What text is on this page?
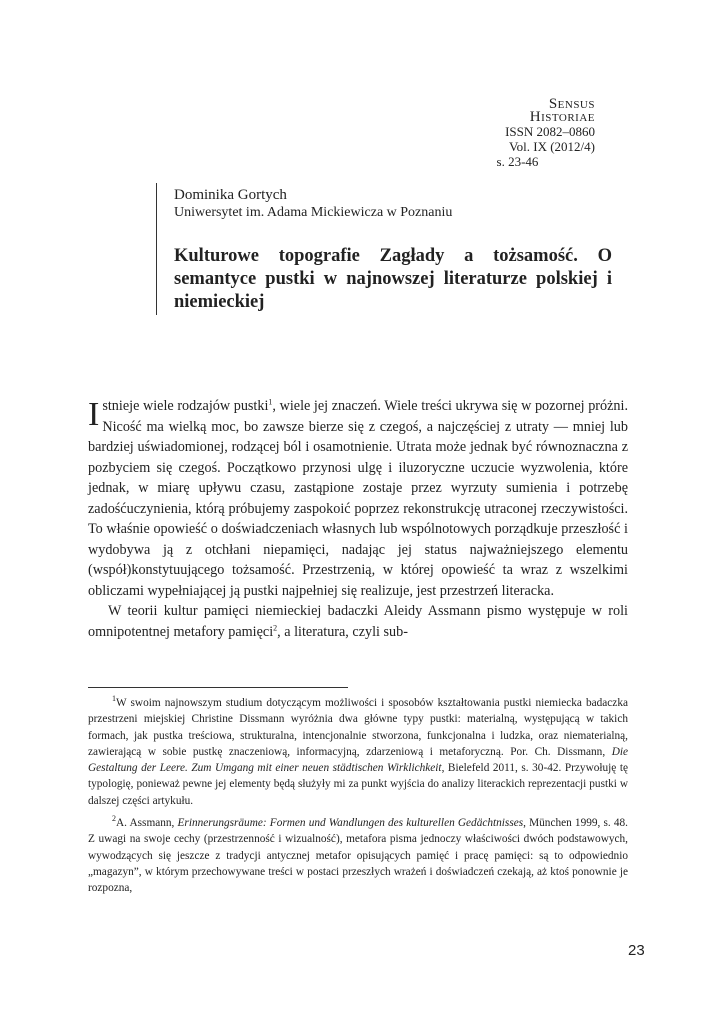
Sensus
Historiae
ISSN 2082–0860
Vol. IX (2012/4)
s. 23-46
Dominika Gortych
Uniwersytet im. Adama Mickiewicza w Poznaniu
Kulturowe topografie Zagłady a tożsamość. O semantyce pustki w najnowszej literaturze polskiej i niemieckiej

Istnieje wiele rodzajów pustki$^1$, wiele jej znaczeń. Wiele treści ukrywa się w pozornej próżni. Nicość ma wielką moc, bo zawsze bierze się z czegoś, a najczęściej z utraty — mniej lub bardziej uświadomionej, rodzącej ból i osamotnienie. Utrata może jednak być równoznaczna z pozbyciem się czegoś. Początkowo przynosi ulgę i iluzoryczne uczucie wyzwolenia, które jednak, w miarę upływu czasu, zastąpione zostaje przez wyrzuty sumienia i potrzebę zadośćuczynienia, którą próbujemy zaspokoić poprzez rekonstrukcję utraconej rzeczywistości. To właśnie opowieść o doświadczeniach własnych lub wspólnotowych porządkuje przeszłość i wydobywa ją z otchłani niepamięci, nadając jej status najważniejszego elementu (współ)konstytuującego tożsamość. Przestrzenią, w której opowieść ta wraz z wszelkimi obliczami wypełniającej ją pustki najpełniej się realizuje, jest przestrzeń literacka.

W teorii kultur pamięci niemieckiej badaczki Aleidy Assmann pismo występuje w roli omnipotentnej metafory pamięci$^2$, a literatura, czyli sub-

$^1$W swoim najnowszym studium dotyczącym możliwości i sposobów kształtowania pustki niemiecka badaczka przestrzeni miejskiej Christine Dissmann wyróżnia dwa główne typy pustki: materialną, występującą w takich formach, jak pustka treściowa, strukturalna, intencjonalnie stworzona, funkcjonalna i ludzka, oraz niematerialną, zawierającą w sobie pustkę znaczeniową, informacyjną, zdarzeniową i metaforyczną. Por. Ch. Dissmann, Die Gestaltung der Leere. Zum Umgang mit einer neuen städtischen Wirklichkeit, Bielefeld 2011, s. 30-42. Przywołuję tę typologię, ponieważ pewne jej elementy będą służyły mi za punkt wyjścia do analizy literackich reprezentacji pustki w dalszej części artykułu.

$^2$A. Assmann, Erinnerungsräume: Formen und Wandlungen des kulturellen Gedächtnisses, München 1999, s. 48. Z uwagi na swoje cechy (przestrzenność i wizualność), metafora pisma jednoczy właściwości dwóch podstawowych, wywodzących się jeszcze z tradycji antycznej metafor opisujących pamięć i pracę pamięci: są to odpowiednio „magazyn”, w którym przechowywane treści w postaci przeszłych wrażeń i doświadczeń czekają, aż ktoś ponownie je rozpozna,

23
